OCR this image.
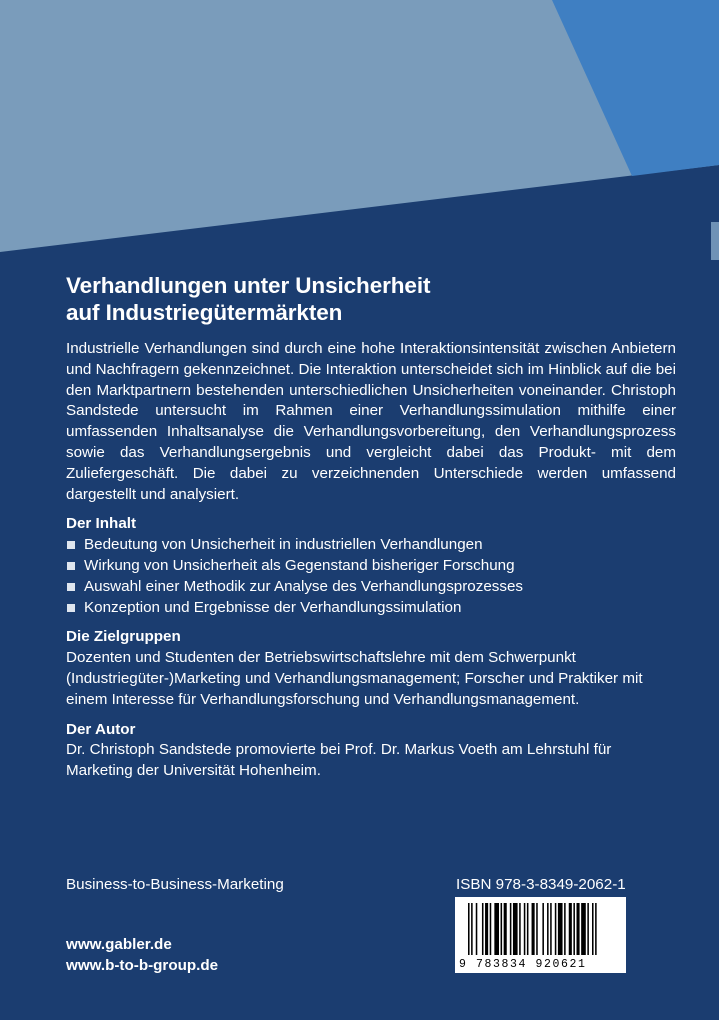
Verhandlungen unter Unsicherheit
auf Industriegütermärkten

Industrielle Verhandlungen sind durch eine hohe Interaktionsintensität zwischen Anbietern und Nachfragern gekennzeichnet. Die Interaktion unterscheidet sich im Hinblick auf die bei den Marktpartnern bestehenden unterschiedlichen Unsicherheiten voneinander. Christoph Sandstede untersucht im Rahmen einer Verhandlungssimulation mithilfe einer umfassenden Inhaltsanalyse die Verhandlungsvorbereitung, den Verhandlungsprozess sowie das Verhandlungsergebnis und vergleicht dabei das Produkt- mit dem Zuliefergeschäft. Die dabei zu verzeichnenden Unterschiede werden umfassend dargestellt und analysiert.

Der Inhalt
Bedeutung von Unsicherheit in industriellen Verhandlungen
Wirkung von Unsicherheit als Gegenstand bisheriger Forschung
Auswahl einer Methodik zur Analyse des Verhandlungsprozesses
Konzeption und Ergebnisse der Verhandlungssimulation
Die Zielgruppen

Dozenten und Studenten der Betriebswirtschaftslehre mit dem Schwerpunkt (Industriegüter-)Marketing und Verhandlungsmanagement; Forscher und Praktiker mit einem Interesse für Verhandlungsforschung und Verhandlungsmanagement.

Der Autor

Dr. Christoph Sandstede promovierte bei Prof. Dr. Markus Voeth am Lehrstuhl für Marketing der Universität Hohenheim.

Business-to-Business-Marketing	ISBN 978-3-8349-2062-1
9 783834 920621
www.gabler.de
www.b-to-b-group.de
